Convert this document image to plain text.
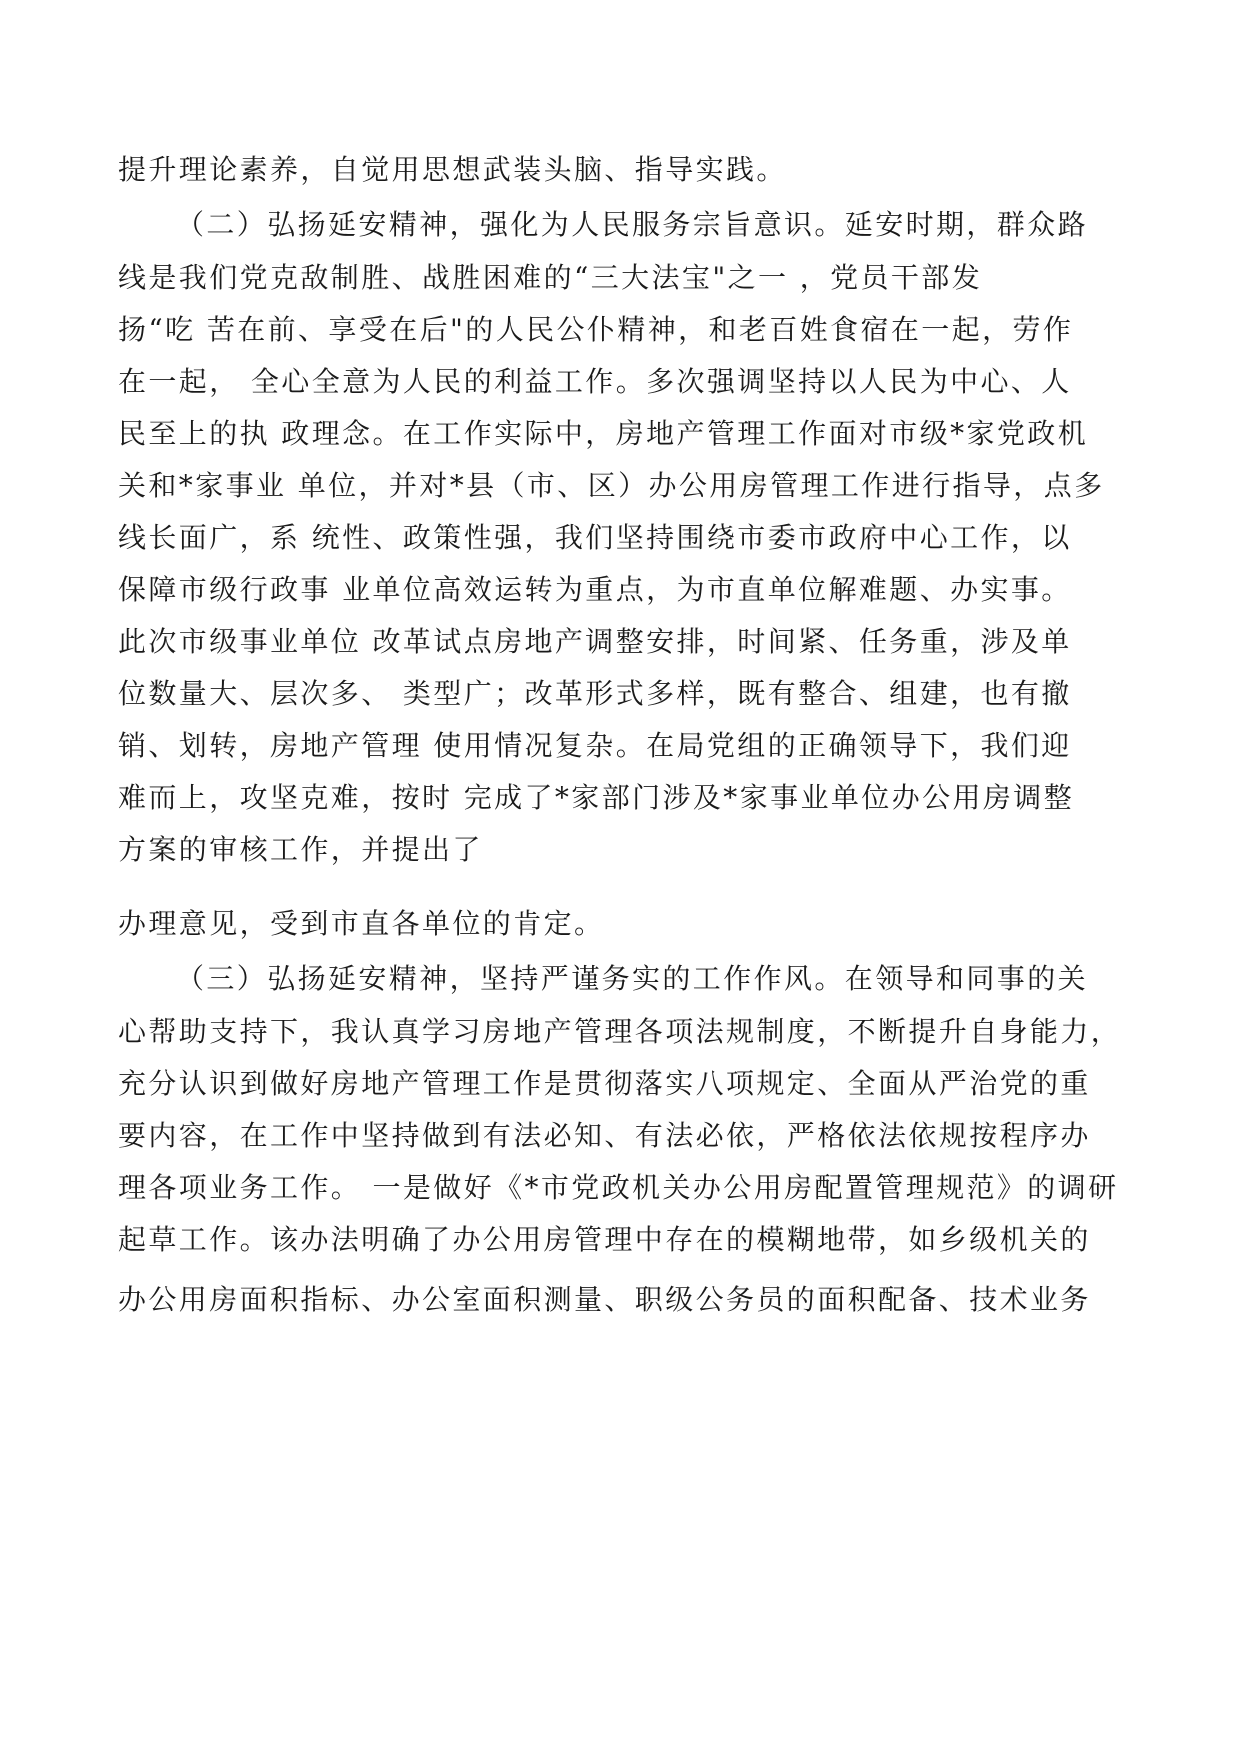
提升理论素养，自觉用思想武装头脑、指导实践。
（二）弘扬延安精神，强化为人民服务宗旨意识。延安时期，群众路
线是我们党克敌制胜、战胜困难的“三大法宝"之一 ，党员干部发
扬“吃 苦在前、享受在后"的人民公仆精神，和老百姓食宿在一起，劳作
在一起， 全心全意为人民的利益工作。多次强调坚持以人民为中心、人
民至上的执 政理念。在工作实际中，房地产管理工作面对市级*家党政机
关和*家事业 单位，并对*县（市、区）办公用房管理工作进行指导，点多
线长面广，系 统性、政策性强，我们坚持围绕市委市政府中心工作，以
保障市级行政事 业单位高效运转为重点，为市直单位解难题、办实事。
此次市级事业单位 改革试点房地产调整安排，时间紧、任务重，涉及单
位数量大、层次多、 类型广；改革形式多样，既有整合、组建，也有撤
销、划转，房地产管理 使用情况复杂。在局党组的正确领导下，我们迎
难而上，攻坚克难，按时 完成了*家部门涉及*家事业单位办公用房调整
方案的审核工作，并提出了
办理意见，受到市直各单位的肯定。
（三）弘扬延安精神，坚持严谨务实的工作作风。在领导和同事的关
心帮助支持下，我认真学习房地产管理各项法规制度，不断提升自身能力，
充分认识到做好房地产管理工作是贯彻落实八项规定、全面从严治党的重
要内容，在工作中坚持做到有法必知、有法必依，严格依法依规按程序办
理各项业务工作。 一是做好《*市党政机关办公用房配置管理规范》的调研
起草工作。该办法明确了办公用房管理中存在的模糊地带，如乡级机关的
办公用房面积指标、办公室面积测量、职级公务员的面积配备、技术业务
